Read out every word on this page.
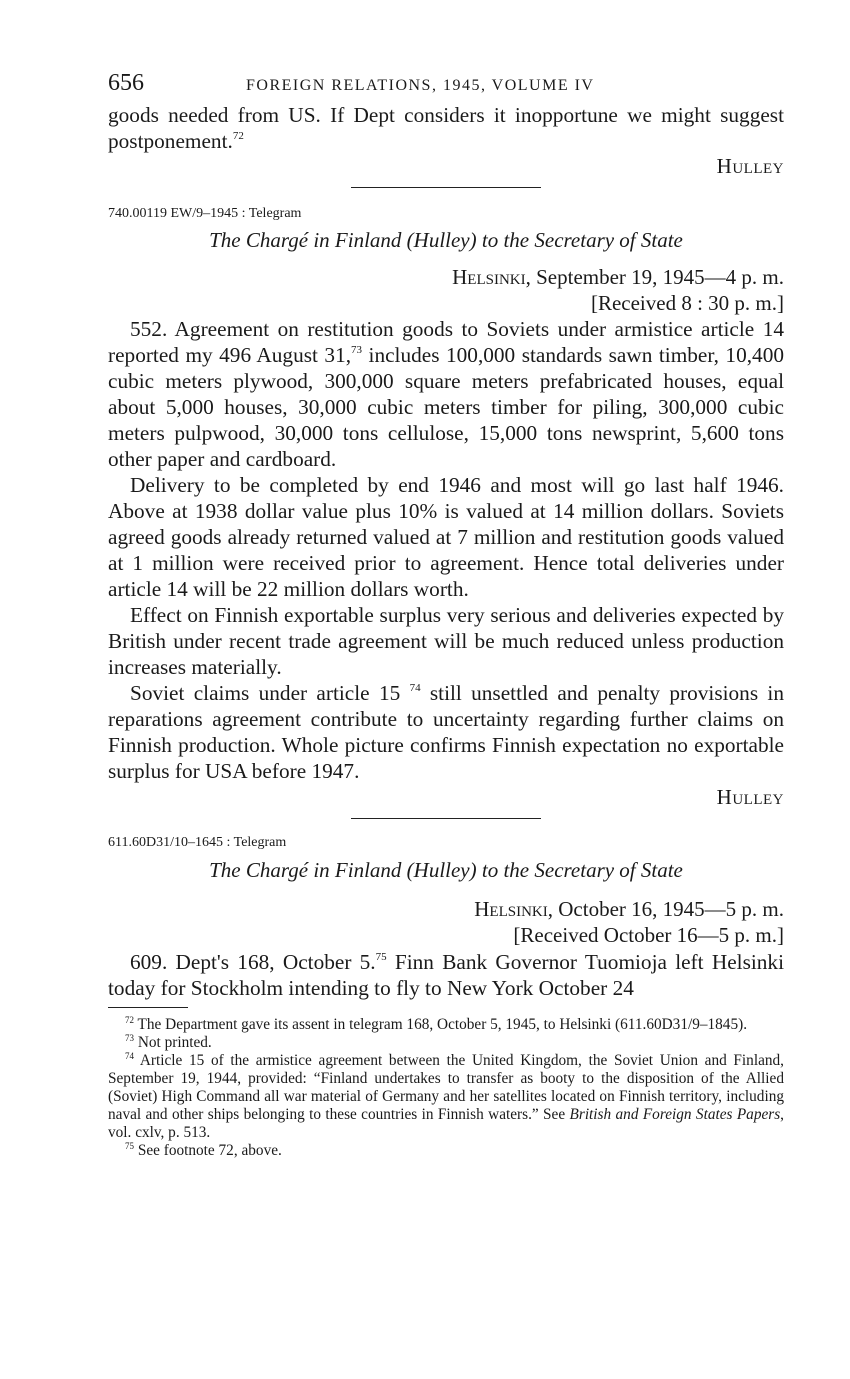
656	FOREIGN RELATIONS, 1945, VOLUME IV

goods needed from US. If Dept considers it inopportune we might suggest postponement.$^{72}$

Hulley
740.00119 EW/9–1945 : Telegram
The Chargé in Finland (Hulley) to the Secretary of State
Helsinki, September 19, 1945—4 p. m.
[Received 8 : 30 p. m.]

552. Agreement on restitution goods to Soviets under armistice article 14 reported my 496 August 31,73 includes 100,000 standards sawn timber, 10,400 cubic meters plywood, 300,000 square meters prefabricated houses, equal about 5,000 houses, 30,000 cubic meters timber for piling, 300,000 cubic meters pulpwood, 30,000 tons cellulose, 15,000 tons newsprint, 5,600 tons other paper and cardboard.

Delivery to be completed by end 1946 and most will go last half 1946. Above at 1938 dollar value plus 10% is valued at 14 million dollars. Soviets agreed goods already returned valued at 7 million and restitution goods valued at 1 million were received prior to agreement. Hence total deliveries under article 14 will be 22 million dollars worth.

Effect on Finnish exportable surplus very serious and deliveries expected by British under recent trade agreement will be much reduced unless production increases materially.

Soviet claims under article 15 $^{74}$ still unsettled and penalty provisions in reparations agreement contribute to uncertainty regarding further claims on Finnish production. Whole picture confirms Finnish expectation no exportable surplus for USA before 1947.

Hulley
611.60D31/10–1645 : Telegram
The Chargé in Finland (Hulley) to the Secretary of State
Helsinki, October 16, 1945—5 p. m.
[Received October 16—5 p. m.]

609. Dept's 168, October 5.75 Finn Bank Governor Tuomioja left Helsinki today for Stockholm intending to fly to New York October 24

$^{72}$ The Department gave its assent in telegram 168, October 5, 1945, to Helsinki (611.60D31/9–1845).

$^{73}$ Not printed.

$^{74}$ Article 15 of the armistice agreement between the United Kingdom, the Soviet Union and Finland, September 19, 1944, provided: “Finland undertakes to transfer as booty to the disposition of the Allied (Soviet) High Command all war material of Germany and her satellites located on Finnish territory, including naval and other ships belonging to these countries in Finnish waters.” See British and Foreign States Papers, vol. cxlv, p. 513.

$^{75}$ See footnote 72, above.
